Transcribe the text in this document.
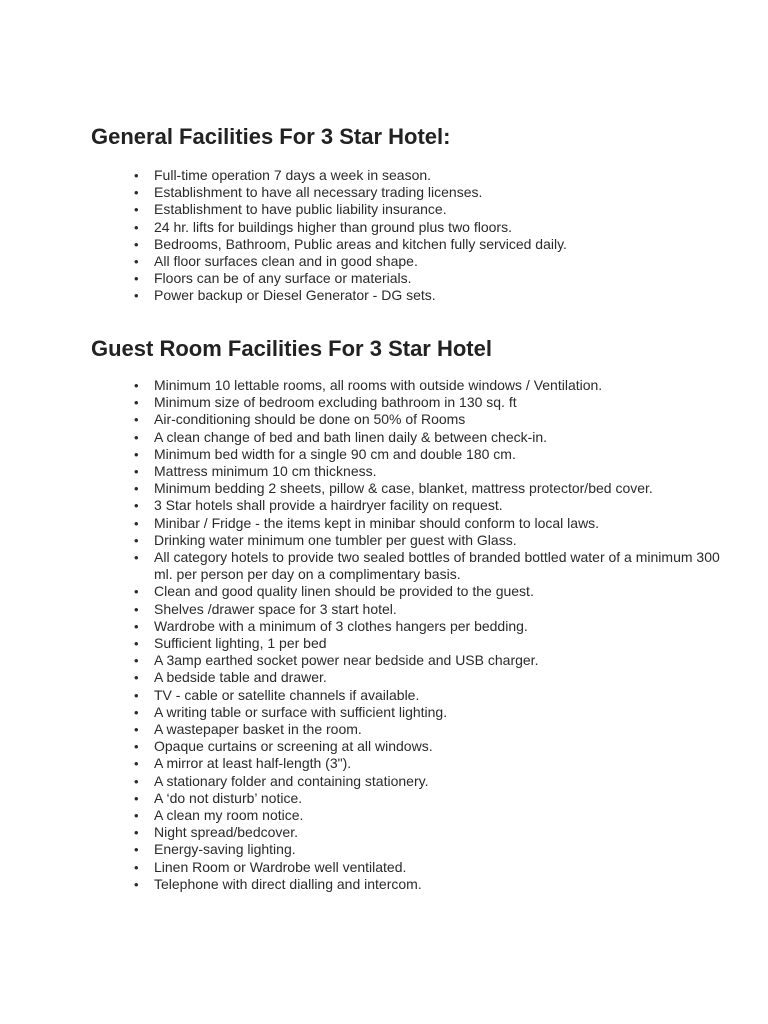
General Facilities For 3 Star Hotel:
• Full-time operation 7 days a week in season.
• Establishment to have all necessary trading licenses.
• Establishment to have public liability insurance.
• 24 hr. lifts for buildings higher than ground plus two floors.
• Bedrooms, Bathroom, Public areas and kitchen fully serviced daily.
• All floor surfaces clean and in good shape.
• Floors can be of any surface or materials.
• Power backup or Diesel Generator - DG sets.
Guest Room Facilities For 3 Star Hotel
• Minimum 10 lettable rooms, all rooms with outside windows / Ventilation.
• Minimum size of bedroom excluding bathroom in 130 sq. ft
• Air-conditioning should be done on 50% of Rooms
• A clean change of bed and bath linen daily & between check-in.
• Minimum bed width for a single 90 cm and double 180 cm.
• Mattress minimum 10 cm thickness.
• Minimum bedding 2 sheets, pillow & case, blanket, mattress protector/bed cover.
• 3 Star hotels shall provide a hairdryer facility on request.
• Minibar / Fridge - the items kept in minibar should conform to local laws.
• Drinking water minimum one tumbler per guest with Glass.
• All category hotels to provide two sealed bottles of branded bottled water of a minimum 300 ml. per person per day on a complimentary basis.
• Clean and good quality linen should be provided to the guest.
• Shelves /drawer space for 3 start hotel.
• Wardrobe with a minimum of 3 clothes hangers per bedding.
• Sufficient lighting, 1 per bed
• A 3amp earthed socket power near bedside and USB charger.
• A bedside table and drawer.
• TV - cable or satellite channels if available.
• A writing table or surface with sufficient lighting.
• A wastepaper basket in the room.
• Opaque curtains or screening at all windows.
• A mirror at least half-length (3").
• A stationary folder and containing stationery.
• A ‘do not disturb’ notice.
• A clean my room notice.
• Night spread/bedcover.
• Energy-saving lighting.
• Linen Room or Wardrobe well ventilated.
• Telephone with direct dialling and intercom.
